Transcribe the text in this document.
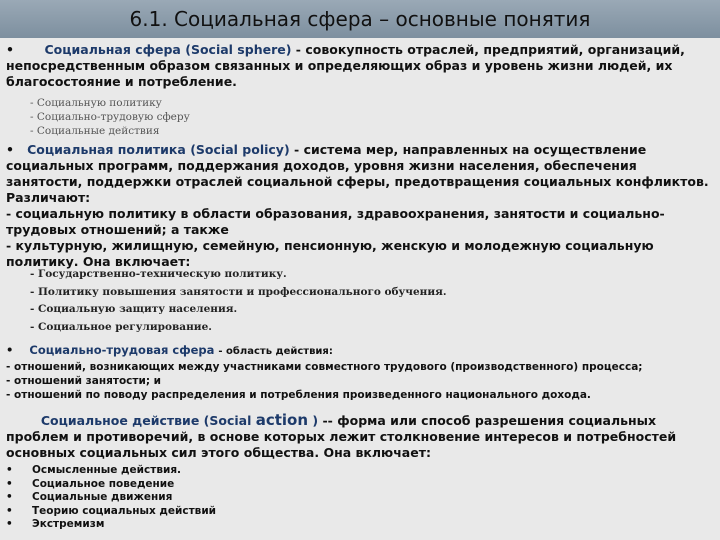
6.1. Социальная сфера – основные понятия
• Социальная сфера (Social sphere) - совокупность отраслей, предприятий, организаций, непосредственным образом связанных и определяющих образ и уровень жизни людей, их благосостояние и потребление.
- Социальную политику
- Социально-трудовую сферу
- Социальные действия
• Социальная политика (Social policy) - система мер, направленных на осуществление социальных программ, поддержания доходов, уровня жизни населения, обеспечения занятости, поддержки отраслей социальной сферы, предотвращения социальных конфликтов.
Различают:
- социальную политику в области образования, здравоохранения, занятости и социально-трудовых отношений; а также
- культурную, жилищную, семейную, пенсионную, женскую и молодежную социальную политику. Она включает:
- Государственно-техническую политику.
- Политику повышения занятости и профессионального обучения.
- Социальную защиту населения.
- Социальное регулирование.
• Социально-трудовая сфера - область действия:
- отношений, возникающих между участниками совместного трудового (производственного) процесса;
- отношений занятости; и
- отношений по поводу распределения и потребления произведенного национального дохода.
Социальное действие (Social action ) -- форма или способ разрешения социальных проблем и противоречий, в основе которых лежит столкновение интересов и потребностей основных социальных сил этого общества. Она включает:
•	Осмысленные действия.
•	Социальное поведение
•	Социальные движения
•	Теорию социальных действий
•	Экстремизм
